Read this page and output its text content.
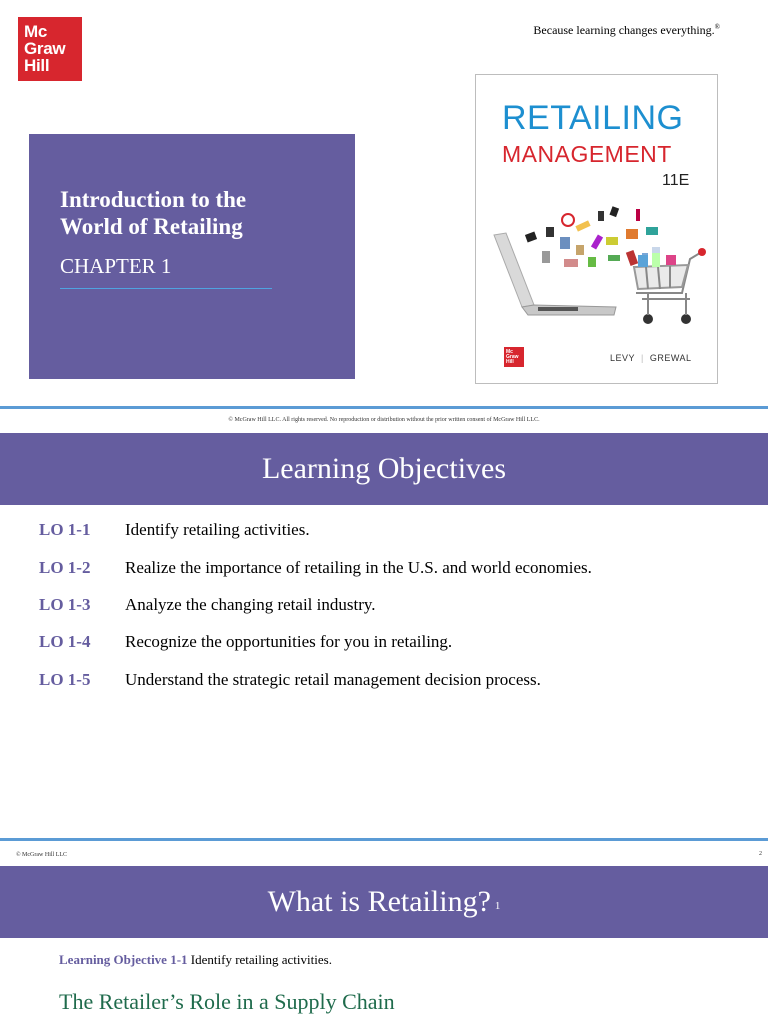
Mc
Graw
Hill
Because learning changes everything.®
Introduction to the
World of Retailing
CHAPTER 1
RETAILING
MANAGEMENT
11E
Mc
Graw
Hill	LEVY | GREWAL
© McGraw Hill LLC. All rights reserved. No reproduction or distribution without the prior written consent of McGraw Hill LLC.
Learning Objectives
LO 1-1 Identify retailing activities.
LO 1-2 Realize the importance of retailing in the U.S. and world economies.
LO 1-3 Analyze the changing retail industry.
LO 1-4 Recognize the opportunities for you in retailing.
LO 1-5 Understand the strategic retail management decision process.
© McGraw Hill LLC	2
What is Retailing? 1
Learning Objective 1-1 Identify retailing activities.
The Retailer’s Role in a Supply Chain
